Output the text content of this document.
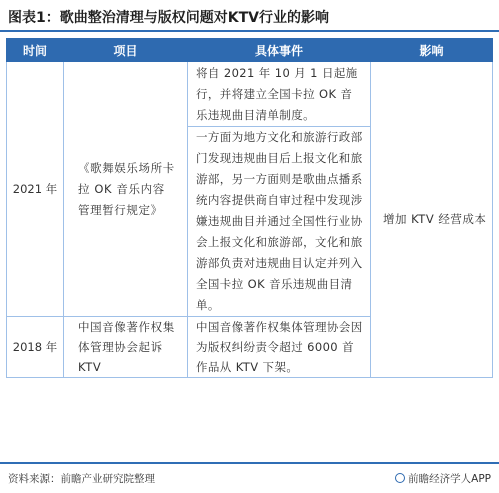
图表1：歌曲整治清理与版权问题对KTV行业的影响
时间	项目	具体事件	影响
2021 年	《歌舞娱乐场所卡拉 OK 音乐内容管理暂行规定》	将自 2021 年 10 月 1 日起施行，并将建立全国卡拉 OK 音乐违规曲目清单制度。
一方面为地方文化和旅游行政部门发现违规曲目后上报文化和旅游部，另一方面则是歌曲点播系统内容提供商自审过程中发现涉嫌违规曲目并通过全国性行业协会上报文化和旅游部，文化和旅游部负责对违规曲目认定并列入全国卡拉 OK 音乐违规曲目清单。	增加 KTV 经营成本
2018 年	中国音像著作权集体管理协会起诉 KTV	中国音像著作权集体管理协会因为版权纠纷责令超过 6000 首作品从 KTV 下架。	
资料来源：前瞻产业研究院整理	前瞻经济学人APP
